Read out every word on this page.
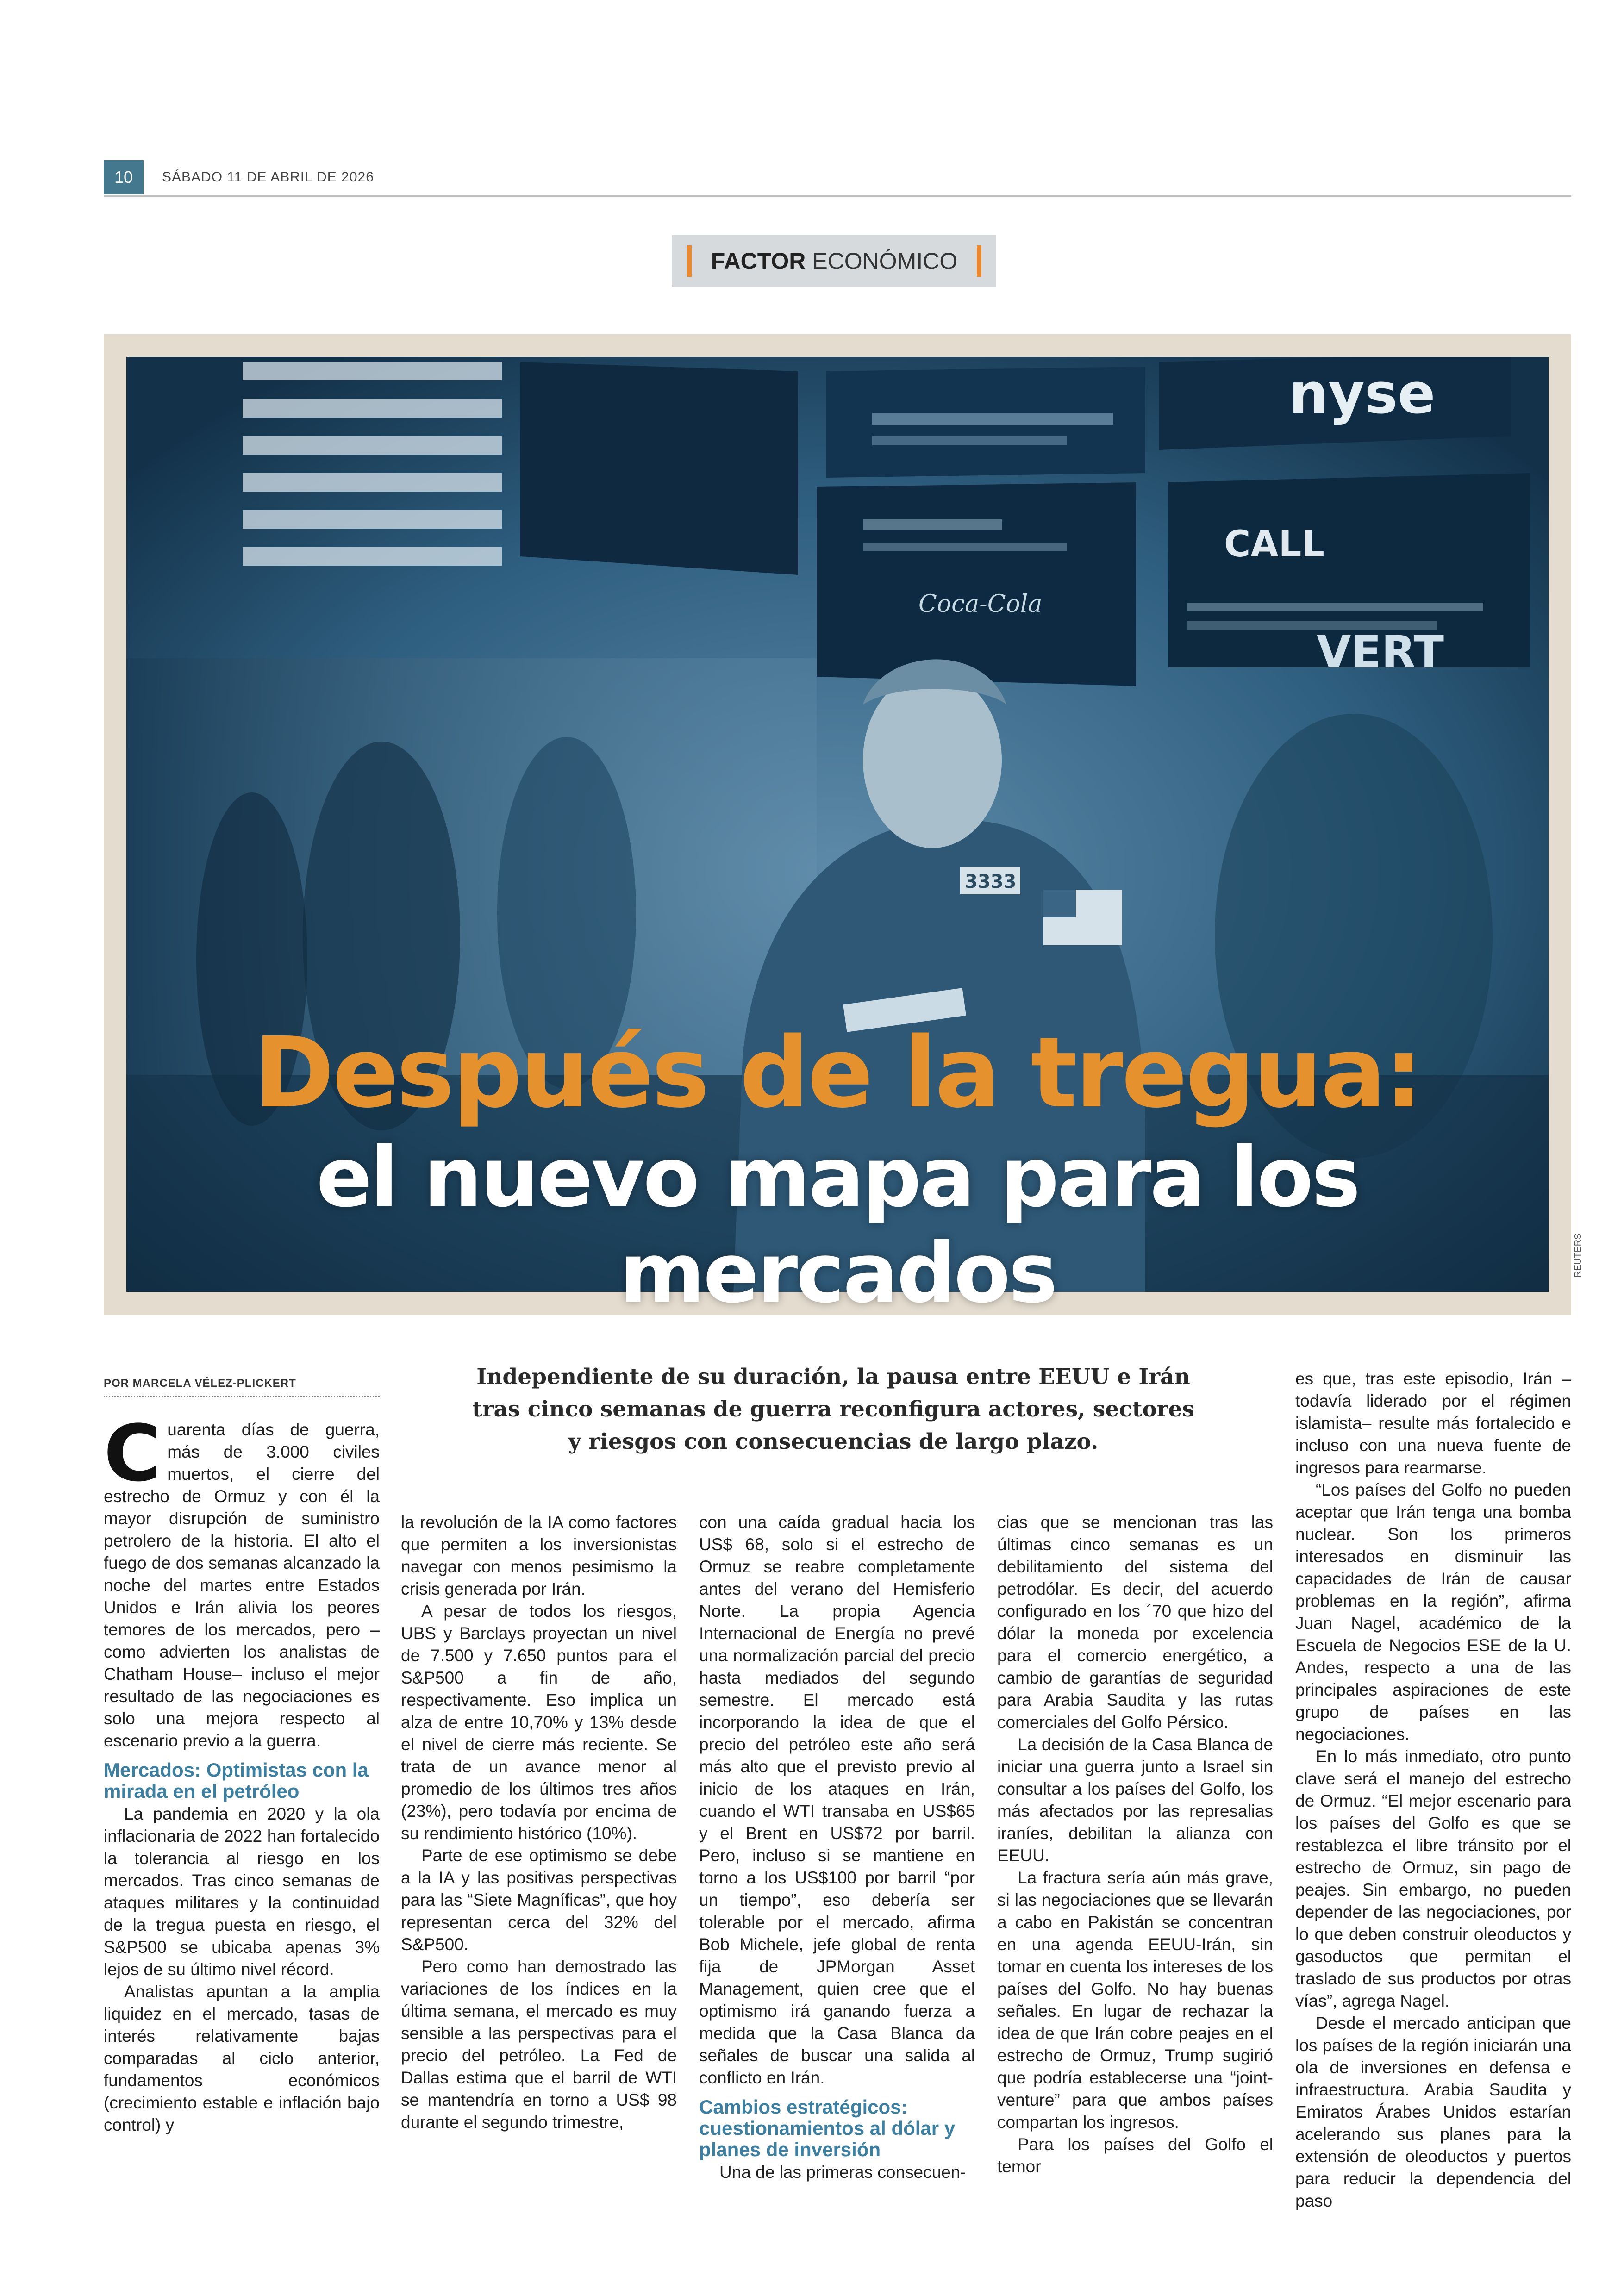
10	SÁBADO 11 DE ABRIL DE 2026
FACTOR ECONÓMICO
CALL
VERT
nyse
Coca-Cola
3333
REUTERS
Después de la tregua:
el nuevo mapa para los mercados
POR MARCELA VÉLEZ-PLICKERT	Independiente de su duración, la pausa entre EEUU e Irán tras cinco semanas de guerra reconfigura actores, sectores y riesgos con consecuencias de largo plazo.
C uarenta días de guerra, más de 3.000 civiles muertos, el cierre del estrecho de Ormuz y con él la mayor disrupción de suministro petrolero de la historia. El alto el fuego de dos semanas alcanzado la noche del martes entre Estados Unidos e Irán alivia los peores temores de los mercados, pero –como advierten los analistas de Chatham House– incluso el mejor resultado de las negociaciones es solo una mejora respecto al escenario previo a la guerra.

Mercados: Optimistas con la mirada en el petróleo

La pandemia en 2020 y la ola inflacionaria de 2022 han fortalecido la tolerancia al riesgo en los mercados. Tras cinco semanas de ataques militares y la continuidad de la tregua puesta en riesgo, el S&P500 se ubicaba apenas 3% lejos de su último nivel récord.

Analistas apuntan a la amplia liquidez en el mercado, tasas de interés relativamente bajas comparadas al ciclo anterior, fundamentos económicos (crecimiento estable e inflación bajo control) y

la revolución de la IA como factores que permiten a los inversionistas navegar con menos pesimismo la crisis generada por Irán.

A pesar de todos los riesgos, UBS y Barclays proyectan un nivel de 7.500 y 7.650 puntos para el S&P500 a fin de año, respectivamente. Eso implica un alza de entre 10,70% y 13% desde el nivel de cierre más reciente. Se trata de un avance menor al promedio de los últimos tres años (23%), pero todavía por encima de su rendimiento histórico (10%).

Parte de ese optimismo se debe a la IA y las positivas perspectivas para las “Siete Magníficas”, que hoy representan cerca del 32% del S&P500.

Pero como han demostrado las variaciones de los índices en la última semana, el mercado es muy sensible a las perspectivas para el precio del petróleo. La Fed de Dallas estima que el barril de WTI se mantendría en torno a US$ 98 durante el segundo trimestre,

con una caída gradual hacia los US$ 68, solo si el estrecho de Ormuz se reabre completamente antes del verano del Hemisferio Norte. La propia Agencia Internacional de Energía no prevé una normalización parcial del precio hasta mediados del segundo semestre. El mercado está incorporando la idea de que el precio del petróleo este año será más alto que el previsto previo al inicio de los ataques en Irán, cuando el WTI transaba en US$65 y el Brent en US$72 por barril. Pero, incluso si se mantiene en torno a los US$100 por barril “por un tiempo”, eso debería ser tolerable por el mercado, afirma Bob Michele, jefe global de renta fija de JPMorgan Asset Management, quien cree que el optimismo irá ganando fuerza a medida que la Casa Blanca da señales de buscar una salida al conflicto en Irán.

Cambios estratégicos: cuestionamientos al dólar y planes de inversión

Una de las primeras consecuen-

cias que se mencionan tras las últimas cinco semanas es un debilitamiento del sistema del petrodólar. Es decir, del acuerdo configurado en los ´70 que hizo del dólar la moneda por excelencia para el comercio energético, a cambio de garantías de seguridad para Arabia Saudita y las rutas comerciales del Golfo Pérsico.

La decisión de la Casa Blanca de iniciar una guerra junto a Israel sin consultar a los países del Golfo, los más afectados por las represalias iraníes, debilitan la alianza con EEUU.

La fractura sería aún más grave, si las negociaciones que se llevarán a cabo en Pakistán se concentran en una agenda EEUU-Irán, sin tomar en cuenta los intereses de los países del Golfo. No hay buenas señales. En lugar de rechazar la idea de que Irán cobre peajes en el estrecho de Ormuz, Trump sugirió que podría establecerse una “joint-venture” para que ambos países compartan los ingresos.

Para los países del Golfo el temor

es que, tras este episodio, Irán –todavía liderado por el régimen islamista– resulte más fortalecido e incluso con una nueva fuente de ingresos para rearmarse.

“Los países del Golfo no pueden aceptar que Irán tenga una bomba nuclear. Son los primeros interesados en disminuir las capacidades de Irán de causar problemas en la región”, afirma Juan Nagel, académico de la Escuela de Negocios ESE de la U. Andes, respecto a una de las principales aspiraciones de este grupo de países en las negociaciones.

En lo más inmediato, otro punto clave será el manejo del estrecho de Ormuz. “El mejor escenario para los países del Golfo es que se restablezca el libre tránsito por el estrecho de Ormuz, sin pago de peajes. Sin embargo, no pueden depender de las negociaciones, por lo que deben construir oleoductos y gasoductos que permitan el traslado de sus productos por otras vías”, agrega Nagel.

Desde el mercado anticipan que los países de la región iniciarán una ola de inversiones en defensa e infraestructura. Arabia Saudita y Emiratos Árabes Unidos estarían acelerando sus planes para la extensión de oleoductos y puertos para reducir la dependencia del paso
